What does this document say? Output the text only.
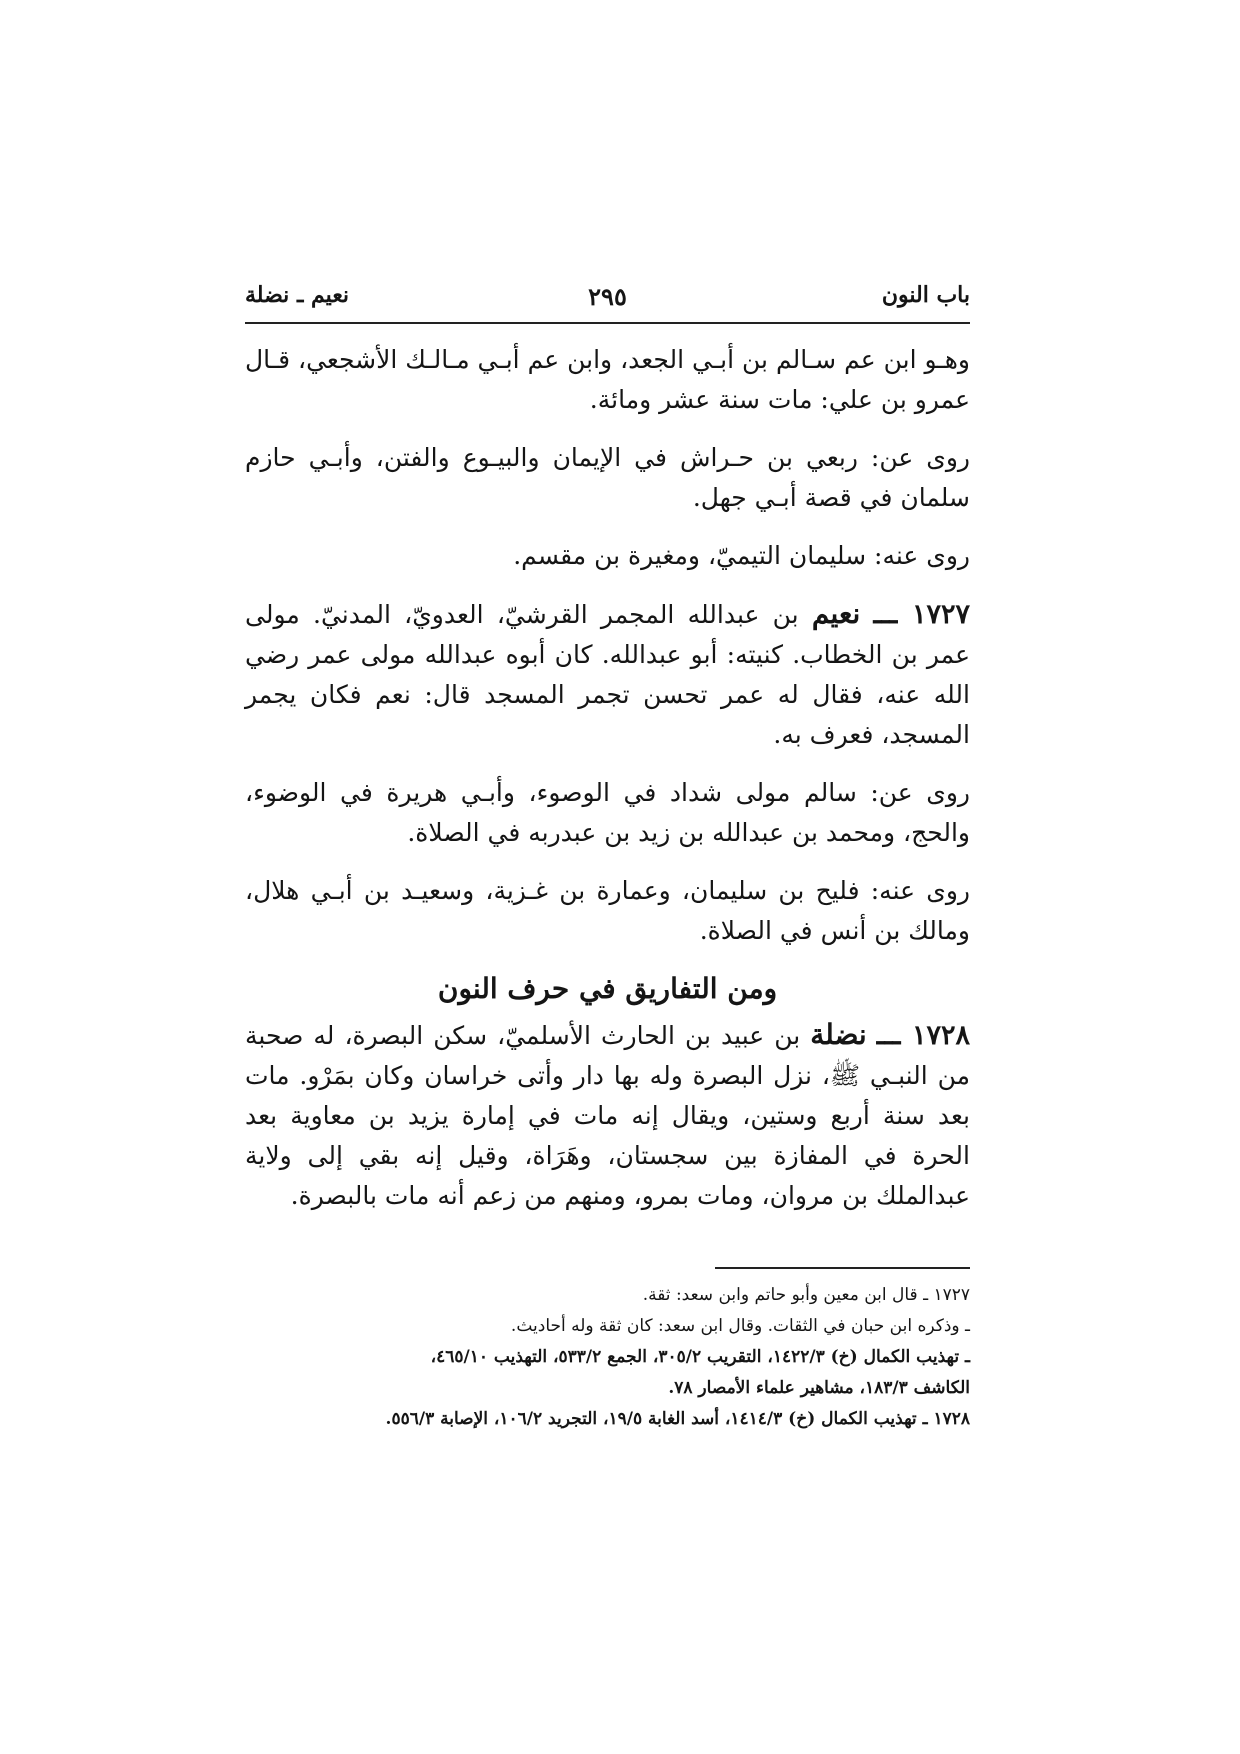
باب النون
٢٩٥
نعيم ـ نضلة

وهـو ابن عم سـالم بن أبـي الجعد، وابن عم أبـي مـالـك الأشجعي، قـال عمرو بن علي: مات سنة عشر ومائة.

روى عن: ربعي بن حـراش في الإيمان والبيـوع والفتن، وأبـي حازم سلمان في قصة أبـي جهل.

روى عنه: سليمان التيميّ، ومغيرة بن مقسم.

١٧٢٧ ـــ نعيم بن عبدالله المجمر القرشيّ، العدويّ، المدنيّ. مولى عمر بن الخطاب. كنيته: أبو عبدالله. كان أبوه عبدالله مولى عمر رضي الله عنه، فقال له عمر تحسن تجمر المسجد قال: نعم فكان يجمر المسجد، فعرف به.

روى عن: سالم مولى شداد في الوصوء، وأبـي هريرة في الوضوء، والحج، ومحمد بن عبدالله بن زيد بن عبدربه في الصلاة.

روى عنه: فليح بن سليمان، وعمارة بن غـزية، وسعيـد بن أبـي هلال، ومالك بن أنس في الصلاة.

ومن التفاريق في حرف النون

١٧٢٨ ـــ نضلة بن عبيد بن الحارث الأسلميّ، سكن البصرة، له صحبة من النبـي ﷺ، نزل البصرة وله بها دار وأتى خراسان وكان بمَرْو. مات بعد سنة أربع وستين، ويقال إنه مات في إمارة يزيد بن معاوية بعد الحرة في المفازة بين سجستان، وهَرَاة، وقيل إنه بقي إلى ولاية عبدالملك بن مروان، ومات بمرو، ومنهم من زعم أنه مات بالبصرة.

١٧٢٧ ـ قال ابن معين وأبو حاتم وابن سعد: ثقة.

ـ وذكره ابن حبان في الثقات. وقال ابن سعد: كان ثقة وله أحاديث.

ـ تهذيب الكمال (خ) ١٤٢٢/٣، التقريب ٣٠٥/٢، الجمع ٥٣٣/٢، التهذيب ٤٦٥/١٠،

الكاشف ١٨٣/٣، مشاهير علماء الأمصار ٧٨.

١٧٢٨ ـ تهذيب الكمال (خ) ١٤١٤/٣، أسد الغابة ١٩/٥، التجريد ١٠٦/٢، الإصابة ٥٥٦/٣.
